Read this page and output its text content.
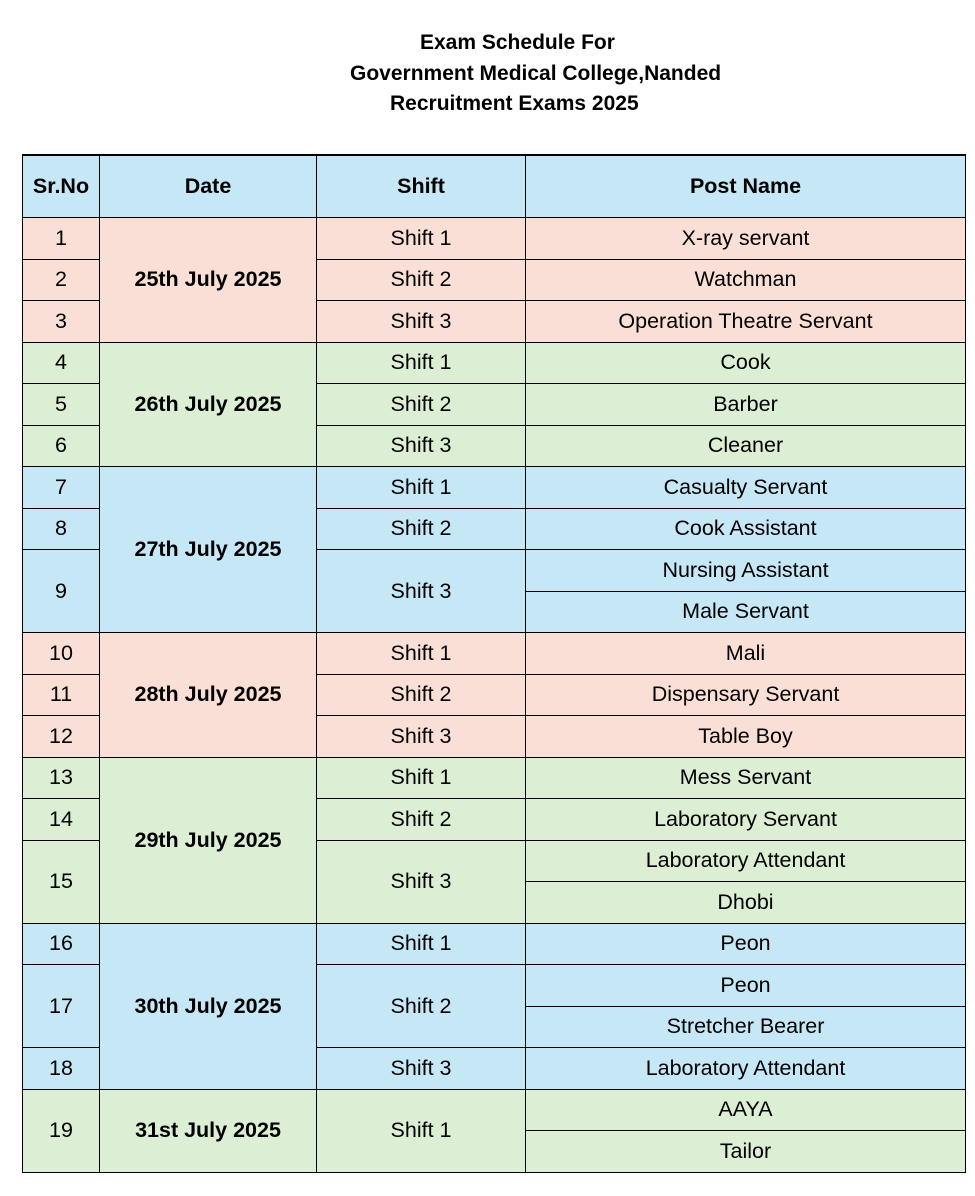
Exam Schedule For
Government Medical College,Nanded
Recruitment Exams 2025
Sr.No	Date	Shift	Post Name
1	25th July 2025	Shift 1	X-ray servant
2		Shift 2	Watchman
3		Shift 3	Operation Theatre Servant
4	26th July 2025	Shift 1	Cook
5		Shift 2	Barber
6		Shift 3	Cleaner
7	27th July 2025	Shift 1	Casualty Servant
8		Shift 2	Cook Assistant
9		Shift 3	Nursing Assistant
			Male Servant
10	28th July 2025	Shift 1	Mali
11		Shift 2	Dispensary Servant
12		Shift 3	Table Boy
13	29th July 2025	Shift 1	Mess Servant
14		Shift 2	Laboratory Servant
15		Shift 3	Laboratory Attendant
			Dhobi
16	30th July 2025	Shift 1	Peon
17		Shift 2	Peon
			Stretcher Bearer
18		Shift 3	Laboratory Attendant
19	31st July 2025	Shift 1	AAYA
			Tailor
